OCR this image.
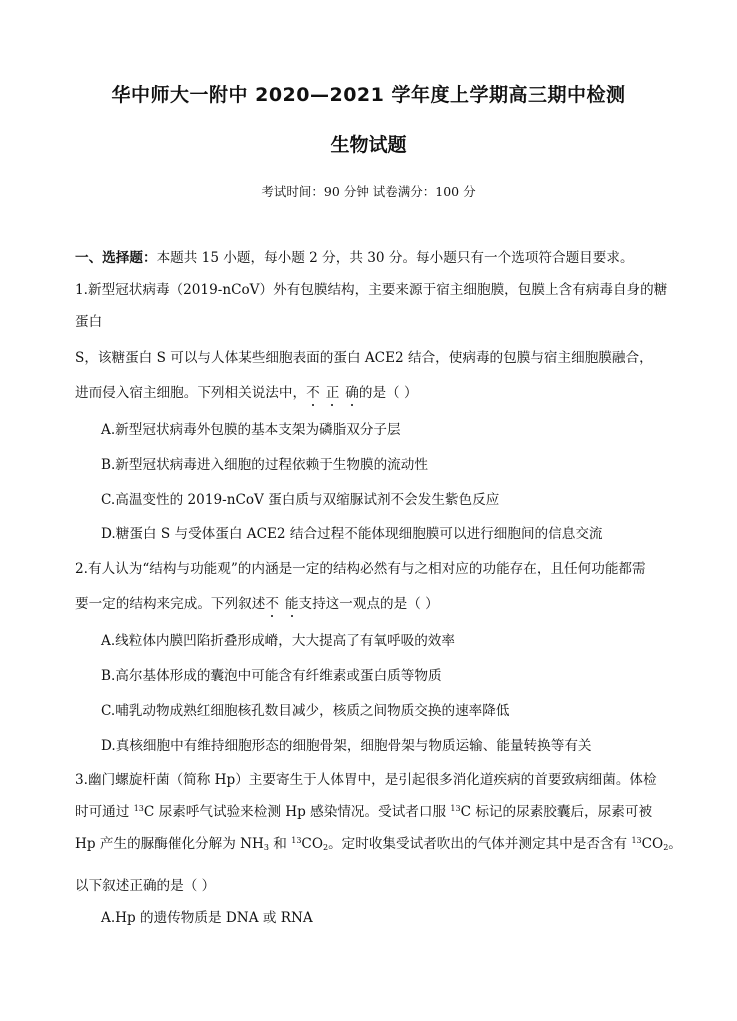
华中师大一附中 2020—2021 学年度上学期高三期中检测
生物试题
考试时间：90 分钟 试卷满分：100 分
一、选择题：本题共 15 小题，每小题 2 分，共 30 分。每小题只有一个选项符合题目要求。
1.新型冠状病毒（2019-nCoV）外有包膜结构，主要来源于宿主细胞膜，包膜上含有病毒自身的糖
蛋白
S，该糖蛋白 S 可以与人体某些细胞表面的蛋白 ACE2 结合，使病毒的包膜与宿主细胞膜融合，
进而侵入宿主细胞。下列相关说法中，不 正 确的是（ ）
A.新型冠状病毒外包膜的基本支架为磷脂双分子层
B.新型冠状病毒进入细胞的过程依赖于生物膜的流动性
C.高温变性的 2019-nCoV 蛋白质与双缩脲试剂不会发生紫色反应
D.糖蛋白 S 与受体蛋白 ACE2 结合过程不能体现细胞膜可以进行细胞间的信息交流
2.有人认为“结构与功能观”的内涵是一定的结构必然有与之相对应的功能存在，且任何功能都需
要一定的结构来完成。下列叙述不 能支持这一观点的是（ ）
A.线粒体内膜凹陷折叠形成嵴，大大提高了有氧呼吸的效率
B.高尔基体形成的囊泡中可能含有纤维素或蛋白质等物质
C.哺乳动物成熟红细胞核孔数目减少，核质之间物质交换的速率降低
D.真核细胞中有维持细胞形态的细胞骨架，细胞骨架与物质运输、能量转换等有关
3.幽门螺旋杆菌（简称 Hp）主要寄生于人体胃中，是引起很多消化道疾病的首要致病细菌。体检
时可通过 $^{13}$C 尿素呼气试验来检测 Hp 感染情况。受试者口服 $^{13}$C 标记的尿素胶囊后，尿素可被
Hp 产生的脲酶催化分解为 $NH_3$ 和 $^{13}CO_2$。定时收集受试者吹出的气体并测定其中是否含有 $^{13}CO_2$。
以下叙述正确的是（ ）
A.Hp 的遗传物质是 DNA 或 RNA
